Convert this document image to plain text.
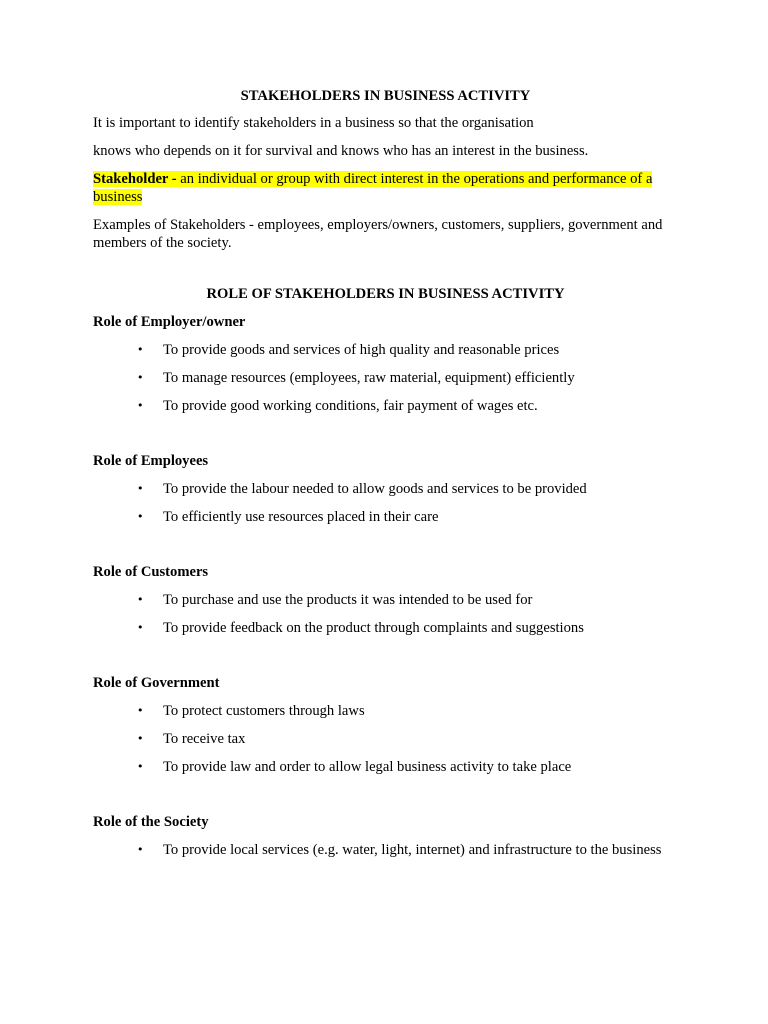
STAKEHOLDERS IN BUSINESS ACTIVITY

It is important to identify stakeholders in a business so that the organisation

knows who depends on it for survival and knows who has an interest in the business.

Stakeholder - an individual or group with direct interest in the operations and performance of a business

Examples of Stakeholders - employees, employers/owners, customers, suppliers, government and members of the society.

ROLE OF STAKEHOLDERS IN BUSINESS ACTIVITY

Role of Employer/owner

• To provide goods and services of high quality and reasonable prices
• To manage resources (employees, raw material, equipment) efficiently
• To provide good working conditions, fair payment of wages etc.

Role of Employees

• To provide the labour needed to allow goods and services to be provided
• To efficiently use resources placed in their care

Role of Customers

• To purchase and use the products it was intended to be used for
• To provide feedback on the product through complaints and suggestions

Role of Government

• To protect customers through laws
• To receive tax
• To provide law and order to allow legal business activity to take place

Role of the Society

• To provide local services (e.g. water, light, internet) and infrastructure to the business
